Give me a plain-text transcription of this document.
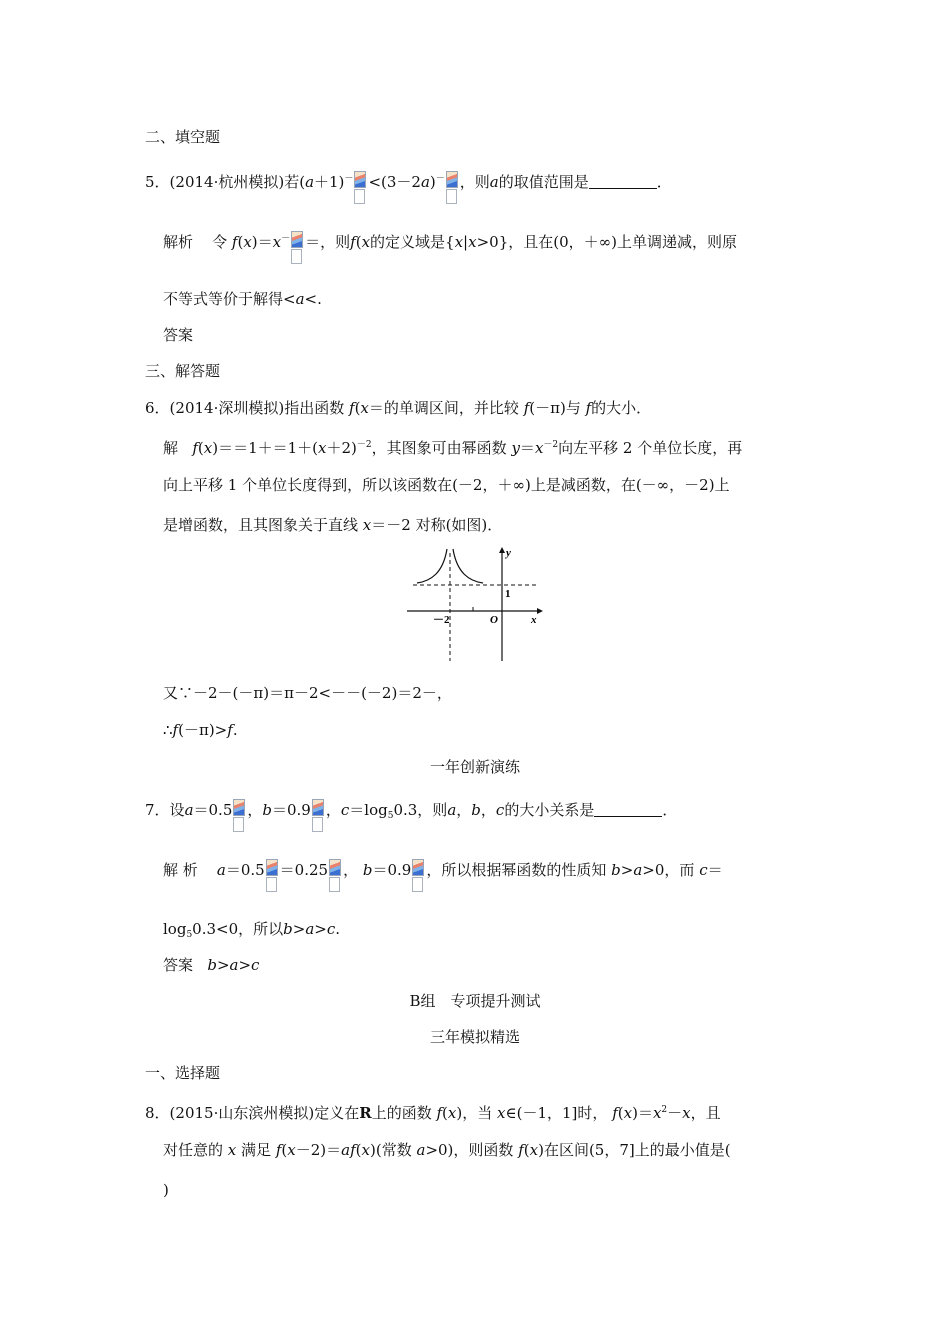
二、填空题
5．(2014·杭州模拟)若(a＋1)－ <(3－2a)－ ，则a的取值范围是	．
解析 令 f(x)＝x－ ＝，则f(x的定义域是{x|x>0}，且在(0，＋∞)上单调递减，则原
不等式等价于解得<a<.
答案
三、解答题
6．(2014·深圳模拟)指出函数 f(x＝的单调区间，并比较 f(－π)与 f的大小．
解 $f(x)==1+=1+(x+2)^{-2}$，其图象可由幂函数 $y=x^{-2}$向左平移 2 个单位长度，再
向上平移 1 个单位长度得到，所以该函数在(－2，＋∞)上是减函数，在(－∞，－2)上
是增函数，且其图象关于直线 x＝－2 对称(如图)．
y
x
O
1
－2
又∵－2－(－π)＝π－2<－－(－2)＝2－，
∴f(－π)>f.
一年创新演练
7．设a＝0.5 ，b＝0.9 ，$c=\log_50.3$，则a，b，c的大小关系是	．
解 析 a＝0.5 ＝0.25 ， b＝0.9 ，所以根据幂函数的性质知 b>a>0，而 c＝
$\log_50.3<0$，所以b>a>c.
答案 b>a>c
B组　专项提升测试
三年模拟精选
一、选择题
8．(2015·山东滨州模拟)定义在R上的函数 f(x)，当 x∈(－1，1]时， $f(x)=x^2-x$，且
对任意的 x 满足 f(x－2)＝af(x)(常数 a>0)，则函数 f(x)在区间(5，7]上的最小值是(
)
